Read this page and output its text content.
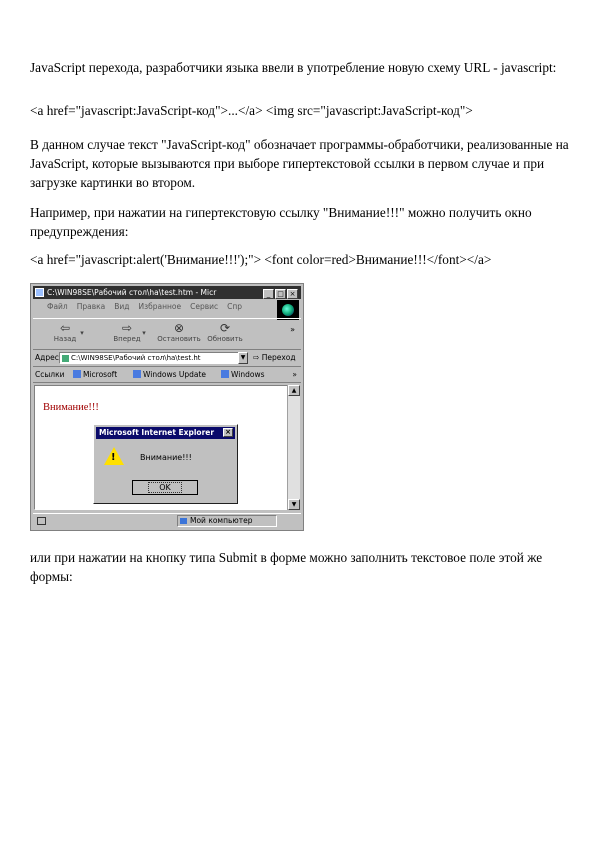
JavaScript перехода, разработчики языка ввели в употребление новую схему URL - javascript:

<a href="javascript:JavaScript-код">...</a> <img src="javascript:JavaScript-код">

В данном случае текст "JavaScript-код" обозначает программы-обработчики, реализованные на JavaScript, которые вызываются при выборе гипертекстовой ссылки в первом случае и при загрузке картинки во втором.

Например, при нажатии на гипертекстовую ссылку "Внимание!!!" можно получить окно предупреждения:

<a href="javascript:alert('Внимание!!!');"> <font color=red>Внимание!!!</font></a>

C:\WIN98SE\Рабочий стол\ha\test.htm - Micr	_ □ ×
Файл Правка Вид Избранное Сервис Спр
⇦
Назад
▾	⇨
Вперед
▾	⊗
Остановить
⟳
Обновить
»
Адрес	C:\WIN98SE\Рабочий стол\ha\test.ht	▼	⇨ Переход
Ссылки Microsoft	Windows Update	Windows	»
Внимание!!!
▲
▼
Microsoft Internet Explorer ×
!	Внимание!!!
OK
Мой компьютер

или при нажатии на кнопку типа Submit в форме можно заполнить текстовое поле этой же формы:
